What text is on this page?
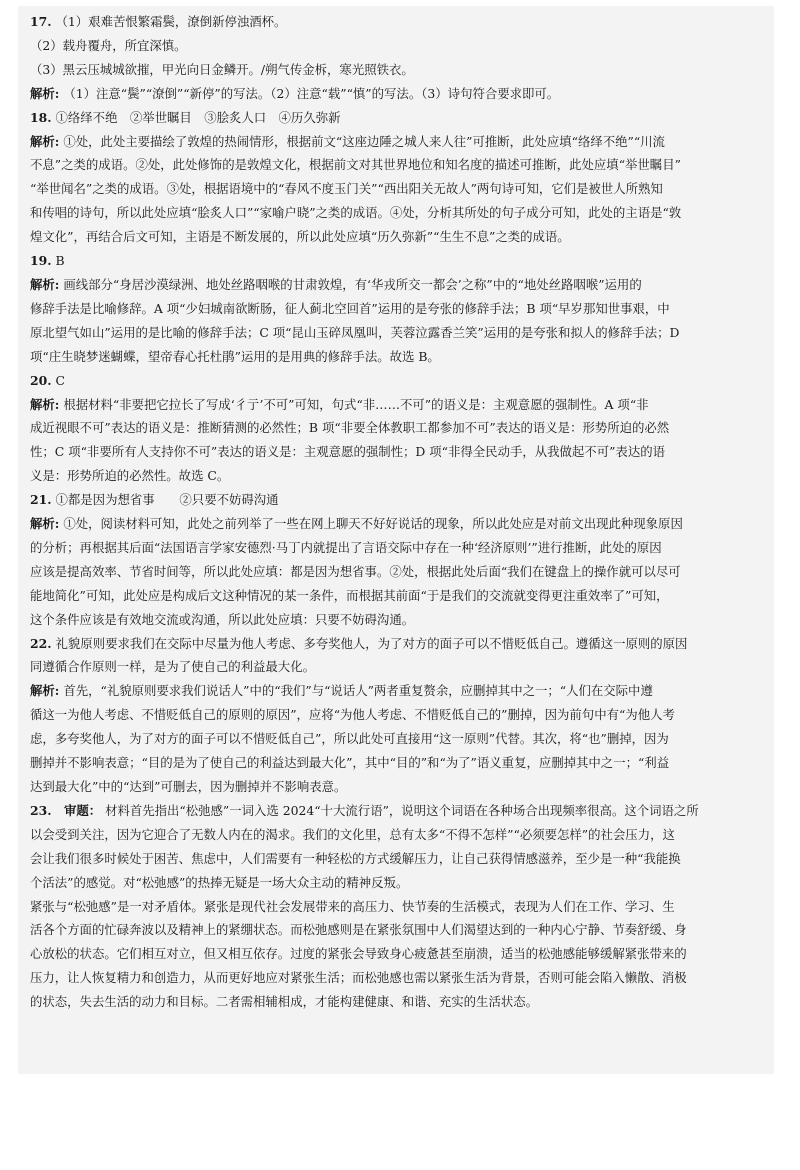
17. （1）艰难苦恨繁霜鬓，潦倒新停浊酒杯。
（2）载舟覆舟，所宜深慎。
（3）黑云压城城欲摧，甲光向日金鳞开。/朔气传金柝，寒光照铁衣。
解析: （1）注意“鬓”“潦倒”“新停”的写法。（2）注意“载”“慎”的写法。（3）诗句符合要求即可。
18. ①络绎不绝　②举世瞩目　③脍炙人口　④历久弥新
解析: ①处，此处主要描绘了敦煌的热闹情形，根据前文“这座边陲之城人来人往”可推断，此处应填“络绎不绝”“川流
不息”之类的成语。②处，此处修饰的是敦煌文化，根据前文对其世界地位和知名度的描述可推断，此处应填“举世瞩目”
“举世闻名”之类的成语。③处，根据语境中的“春风不度玉门关”“西出阳关无故人”两句诗可知，它们是被世人所熟知
和传唱的诗句，所以此处应填“脍炙人口”“家喻户晓”之类的成语。④处，分析其所处的句子成分可知，此处的主语是“敦
煌文化”，再结合后文可知，主语是不断发展的，所以此处应填“历久弥新”“生生不息”之类的成语。
19. B
解析: 画线部分“身居沙漠绿洲、地处丝路咽喉的甘肃敦煌，有‘华戎所交一都会’之称”中的“地处丝路咽喉”运用的
修辞手法是比喻修辞。A 项“少妇城南欲断肠，征人蓟北空回首”运用的是夸张的修辞手法；B 项“早岁那知世事艰，中
原北望气如山”运用的是比喻的修辞手法；C 项“昆山玉碎凤凰叫，芙蓉泣露香兰笑”运用的是夸张和拟人的修辞手法；D
项“庄生晓梦迷蝴蝶，望帝春心托杜鹃”运用的是用典的修辞手法。故选 B。
20. C
解析: 根据材料“非要把它拉长了写成‘彳亍’不可”可知，句式“非……不可”的语义是：主观意愿的强制性。A 项“非
成近视眼不可”表达的语义是：推断猜测的必然性；B 项“非要全体教职工都参加不可”表达的语义是：形势所迫的必然
性；C 项“非要所有人支持你不可”表达的语义是：主观意愿的强制性；D 项“非得全民动手，从我做起不可”表达的语
义是：形势所迫的必然性。故选 C。
21. ①都是因为想省事　　②只要不妨碍沟通
解析: ①处，阅读材料可知，此处之前列举了一些在网上聊天不好好说话的现象，所以此处应是对前文出现此种现象原因
的分析；再根据其后面“法国语言学家安德烈·马丁内就提出了言语交际中存在一种‘经济原则’”进行推断，此处的原因
应该是提高效率、节省时间等，所以此处应填：都是因为想省事。②处，根据此处后面“我们在键盘上的操作就可以尽可
能地简化”可知，此处应是构成后文这种情况的某一条件，而根据其前面“于是我们的交流就变得更注重效率了”可知，
这个条件应该是有效地交流或沟通，所以此处应填：只要不妨碍沟通。
22. 礼貌原则要求我们在交际中尽量为他人考虑、多夸奖他人，为了对方的面子可以不惜贬低自己。遵循这一原则的原因
同遵循合作原则一样，是为了使自己的利益最大化。
解析: 首先，“礼貌原则要求我们说话人”中的“我们”与“说话人”两者重复赘余，应删掉其中之一；“人们在交际中遵
循这一为他人考虑、不惜贬低自己的原则的原因”，应将“为他人考虑、不惜贬低自己的”删掉，因为前句中有“为他人考
虑，多夸奖他人，为了对方的面子可以不惜贬低自己”，所以此处可直接用“这一原则”代替。其次，将“也”删掉，因为
删掉并不影响表意；“目的是为了使自己的利益达到最大化”，其中“目的”和“为了”语义重复，应删掉其中之一；“利益
达到最大化”中的“达到”可删去，因为删掉并不影响表意。
23.　审题： 材料首先指出“松弛感”一词入选 2024“十大流行语”，说明这个词语在各种场合出现频率很高。这个词语之所
以会受到关注，因为它迎合了无数人内在的渴求。我们的文化里，总有太多“不得不怎样”“必须要怎样”的社会压力，这
会让我们很多时候处于困苦、焦虑中，人们需要有一种轻松的方式缓解压力，让自己获得情感滋养，至少是一种“我能换
个活法”的感觉。对“松弛感”的热捧无疑是一场大众主动的精神反叛。
紧张与“松弛感”是一对矛盾体。紧张是现代社会发展带来的高压力、快节奏的生活模式，表现为人们在工作、学习、生
活各个方面的忙碌奔波以及精神上的紧绷状态。而松弛感则是在紧张氛围中人们渴望达到的一种内心宁静、节奏舒缓、身
心放松的状态。它们相互对立，但又相互依存。过度的紧张会导致身心疲惫甚至崩溃，适当的松弛感能够缓解紧张带来的
压力，让人恢复精力和创造力，从而更好地应对紧张生活；而松弛感也需以紧张生活为背景，否则可能会陷入懒散、消极
的状态，失去生活的动力和目标。二者需相辅相成，才能构建健康、和谐、充实的生活状态。
